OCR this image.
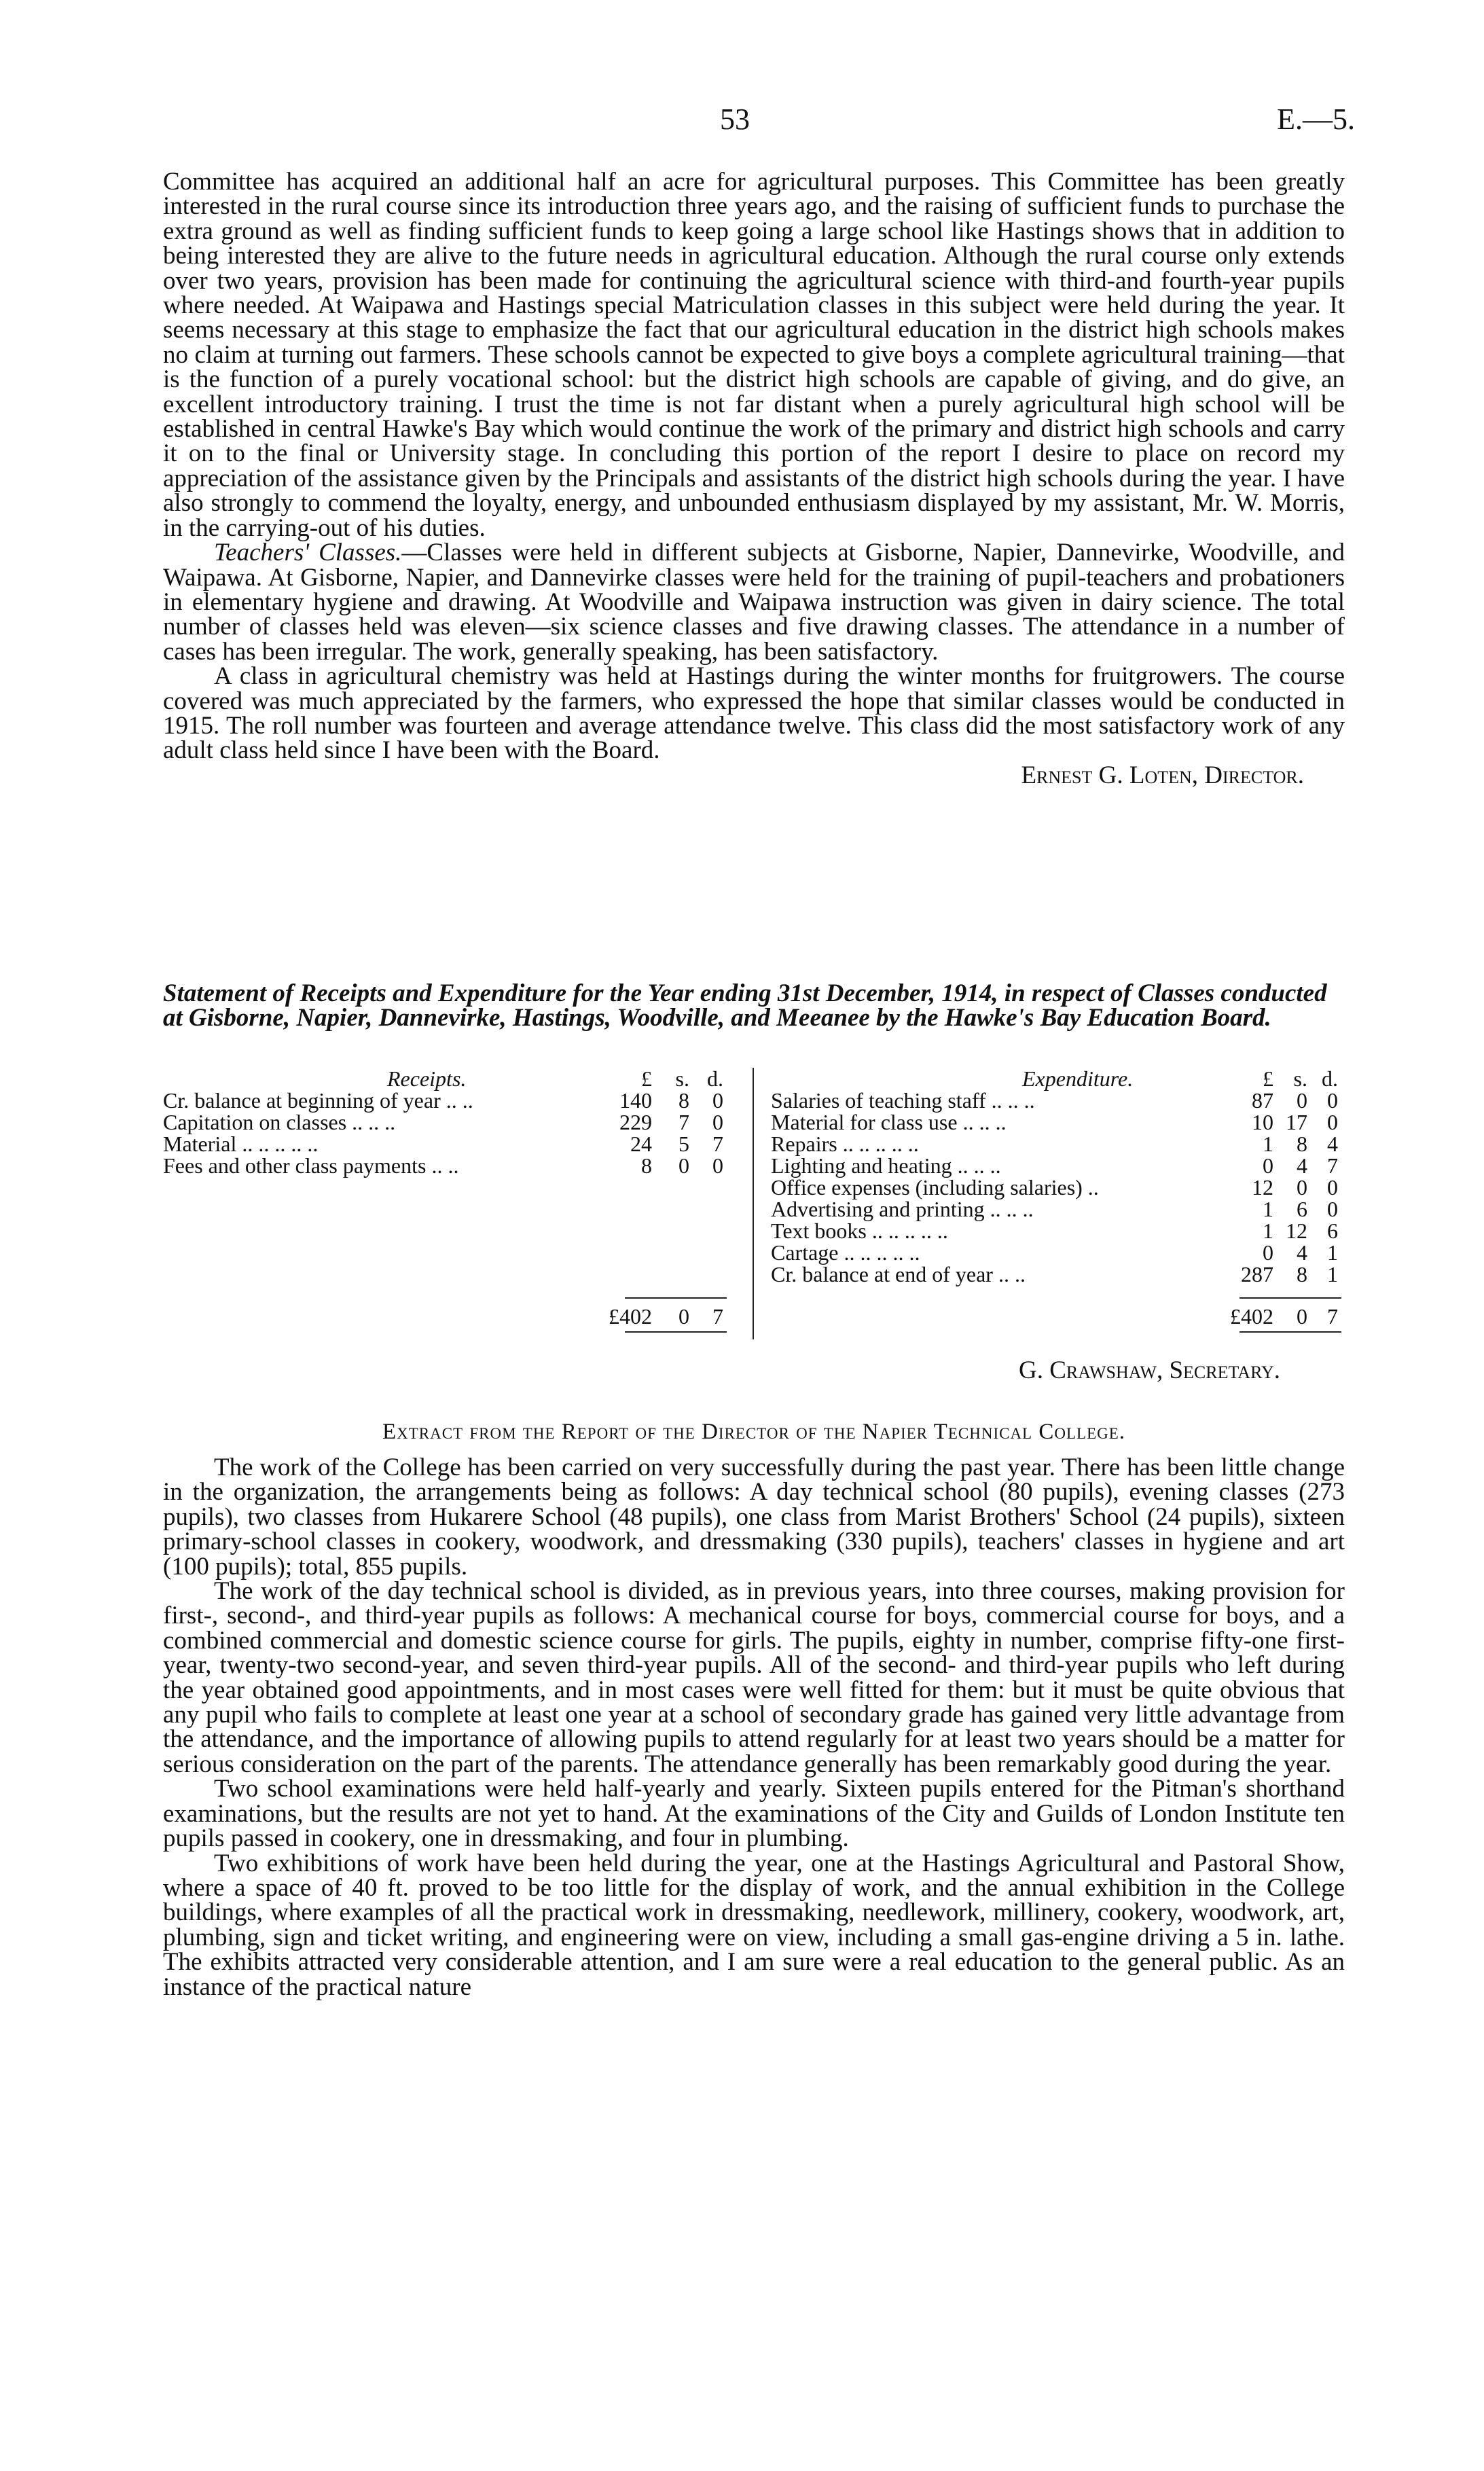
53	E.—5.

Committee has acquired an additional half an acre for agricultural purposes. This Committee has been greatly interested in the rural course since its introduction three years ago, and the raising of sufficient funds to purchase the extra ground as well as finding sufficient funds to keep going a large school like Hastings shows that in addition to being interested they are alive to the future needs in agricultural education. Although the rural course only extends over two years, provision has been made for continuing the agricultural science with third-and fourth-year pupils where needed. At Waipawa and Hastings special Matriculation classes in this subject were held during the year. It seems necessary at this stage to emphasize the fact that our agricultural education in the district high schools makes no claim at turning out farmers. These schools cannot be expected to give boys a complete agricultural training—that is the function of a purely vocational school: but the district high schools are capable of giving, and do give, an excellent introductory training. I trust the time is not far distant when a purely agricultural high school will be established in central Hawke's Bay which would continue the work of the primary and district high schools and carry it on to the final or University stage. In concluding this portion of the report I desire to place on record my appreciation of the assistance given by the Principals and assistants of the district high schools during the year. I have also strongly to commend the loyalty, energy, and unbounded enthusiasm displayed by my assistant, Mr. W. Morris, in the carrying-out of his duties.

Teachers' Classes.—Classes were held in different subjects at Gisborne, Napier, Dannevirke, Woodville, and Waipawa. At Gisborne, Napier, and Dannevirke classes were held for the training of pupil-teachers and probationers in elementary hygiene and drawing. At Woodville and Waipawa instruction was given in dairy science. The total number of classes held was eleven—six science classes and five drawing classes. The attendance in a number of cases has been irregular. The work, generally speaking, has been satisfactory.

A class in agricultural chemistry was held at Hastings during the winter months for fruitgrowers. The course covered was much appreciated by the farmers, who expressed the hope that similar classes would be conducted in 1915. The roll number was fourteen and average attendance twelve. This class did the most satisfactory work of any adult class held since I have been with the Board.

Ernest G. Loten, Director.
Statement of Receipts and Expenditure for the Year ending 31st December, 1914, in respect of Classes conducted at Gisborne, Napier, Dannevirke, Hastings, Woodville, and Meeanee by the Hawke's Bay Education Board.
Receipts.	£	s. d.
Cr. balance at beginning of year .. ..	140	8	0
Capitation on classes .. .. ..	229	7	0
Material .. .. .. .. ..	24	5	7
Fees and other class payments .. ..	8	0	0
£402	0	7
Expenditure.	£ s. d.
Salaries of teaching staff .. .. ..	87	0 0
Material for class use .. .. ..	10 17 0
Repairs .. .. .. .. ..	1	8 4
Lighting and heating .. .. ..	0	4 7
Office expenses (including salaries) ..	12	0 0
Advertising and printing .. .. ..	1	6 0
Text books .. .. .. .. ..	1 12 6
Cartage .. .. .. .. ..	0	4 1
Cr. balance at end of year .. ..	287	8 1
£402	0 7
G. Crawshaw, Secretary.
Extract from the Report of the Director of the Napier Technical College.

The work of the College has been carried on very successfully during the past year. There has been little change in the organization, the arrangements being as follows: A day technical school (80 pupils), evening classes (273 pupils), two classes from Hukarere School (48 pupils), one class from Marist Brothers' School (24 pupils), sixteen primary-school classes in cookery, woodwork, and dressmaking (330 pupils), teachers' classes in hygiene and art (100 pupils); total, 855 pupils.

The work of the day technical school is divided, as in previous years, into three courses, making provision for first-, second-, and third-year pupils as follows: A mechanical course for boys, commercial course for boys, and a combined commercial and domestic science course for girls. The pupils, eighty in number, comprise fifty-one first-year, twenty-two second-year, and seven third-year pupils. All of the second- and third-year pupils who left during the year obtained good appointments, and in most cases were well fitted for them: but it must be quite obvious that any pupil who fails to complete at least one year at a school of secondary grade has gained very little advantage from the attendance, and the importance of allowing pupils to attend regularly for at least two years should be a matter for serious consideration on the part of the parents. The attendance generally has been remarkably good during the year.

Two school examinations were held half-yearly and yearly. Sixteen pupils entered for the Pitman's shorthand examinations, but the results are not yet to hand. At the examinations of the City and Guilds of London Institute ten pupils passed in cookery, one in dressmaking, and four in plumbing.

Two exhibitions of work have been held during the year, one at the Hastings Agricultural and Pastoral Show, where a space of 40 ft. proved to be too little for the display of work, and the annual exhibition in the College buildings, where examples of all the practical work in dressmaking, needlework, millinery, cookery, woodwork, art, plumbing, sign and ticket writing, and engineering were on view, including a small gas-engine driving a 5 in. lathe. The exhibits attracted very considerable attention, and I am sure were a real education to the general public. As an instance of the practical nature
